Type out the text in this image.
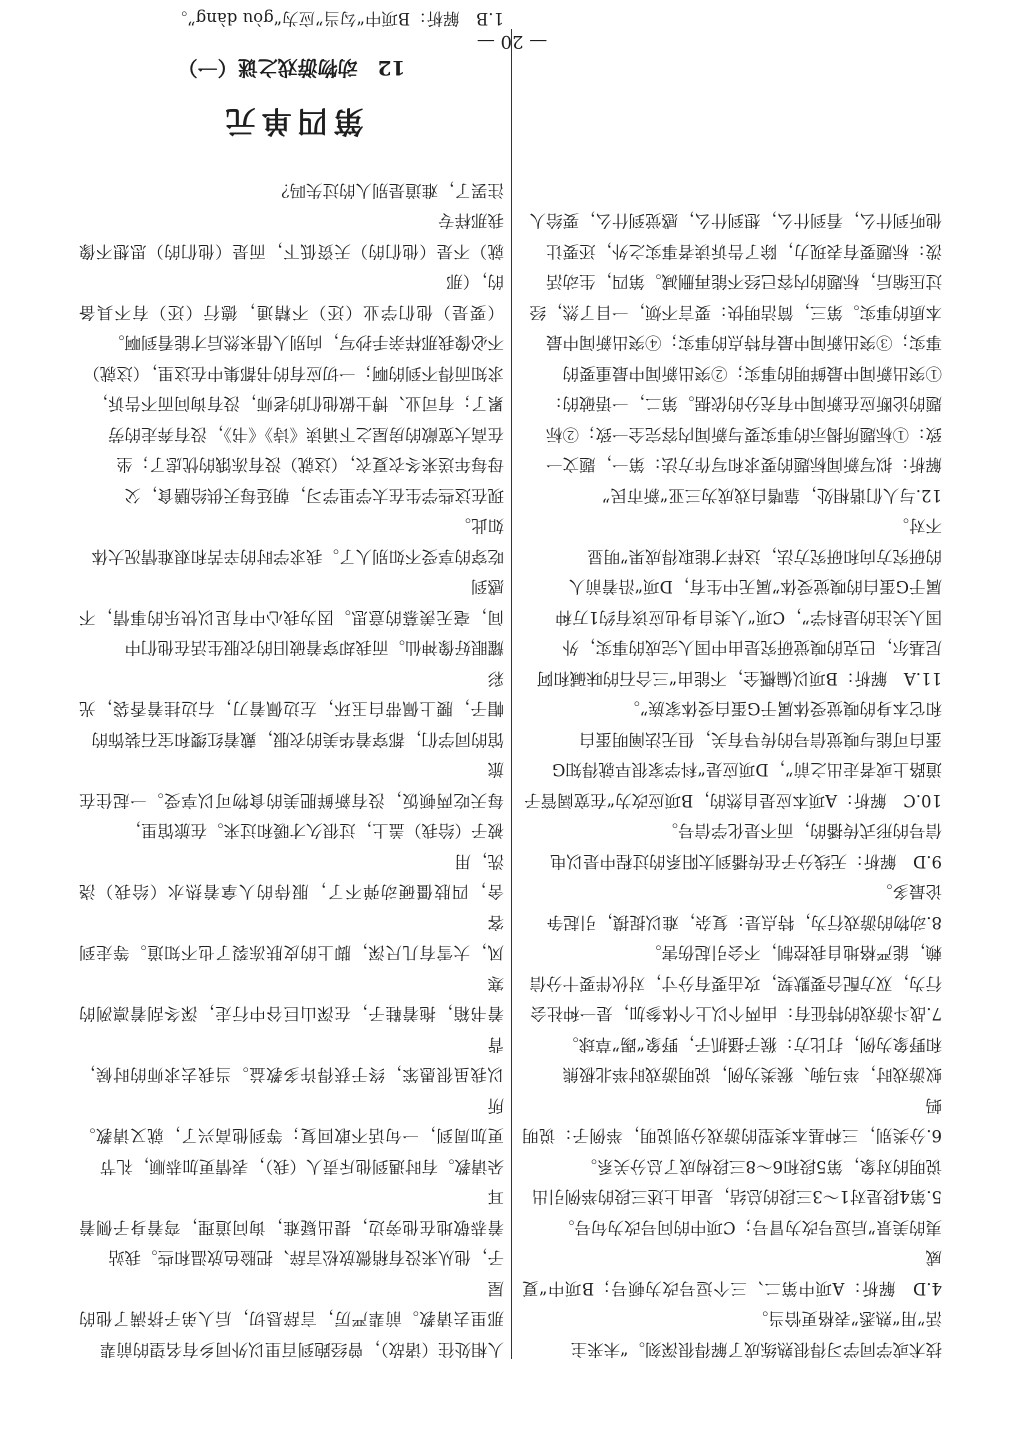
技术或学同学习得很熟练成了解得很深刻。“未来主

活”用“熟悉”表格更恰当。

4.D　解析：A项中第二、三个逗号改为顿号；B项中“夏威

夷的美景”后逗号改为冒号；C项中的问号改为句号。

5.第4段是对1～3三段的总结，是由上述三段的举例引出

说明的对象，第5段和6～8三段构成了总分关系。

6.分类别，三种基本类型的游戏分别说明，举例子：说明蚂

蚁游戏时，举马驹、猴类为例，说明游戏时举北极熊

和野象为例，打比方：猴子搔抓子，野象“踢”草球。

7.战斗游戏的特征有：由两个以上个体参加，是一种社会

行为，双方配合要默契，攻击要有分寸，对伙伴要十分信

赖，能严格地自我控制，不会引起伤害。

8.动物的游戏行为，特点是：复杂，难以捉摸，引起争

论最多。

9.D　解析：无线分子在传播到太阳系的过程中是以电

信号的形式传播的，而不是化学信号。

10.C　解析：A项本应是自然的，B项应改为“在宽阔管子

道路上或者走出之前”，D项应是“科学家很早就得知G

蛋白可能与嗅觉信号的传导有关，但无法阐明蛋白

和它本身的嗅觉受体属于G蛋白受体家族”。

11.A　解析：B项以偏概全，不能由“三合石的味碱和阿

尼基尔，巴克的嗅觉研究是由中国人完成的事实，外

国人关注的是科学”，C项“人类自身也应该有约1万种

属于G蛋白的嗅觉受体”属无中生有，D项“沿着前人

的研究方向和研究方法，这样才能取得成果”明显

不对。

12.与人们谐相处，靠嗜白戏成为三亚“新市民”

解析：拟写新闻标题的要求和写作方法：第一，题文一

致：①标题所揭示的事实要与新闻内容完全一致；②标

题的论断应在新闻中有充分的依据。第二，一语破的：

①突出新闻中最鲜明的事实；②突出新闻中最重要的

事实；③突出新闻中最有特点的事实；④突出新闻中最

本质的事实。第三，简洁明快：要言不烦，一目了然，经

过压缩后，标题的内容已经不能再删减。第四，生动活

泼：标题要有表现力，除了告诉读者事实之外，还要让

他听到什么，看到什么，想到什么，感觉到什么，要给人

人相处往（诸故），曾经跑到百里以外同乡有名望的前辈

那里去请教。前辈严厉，言辞恳切，后人弟子挤满了他的屋

子，他从来没有稍微放松言辞、把脸色放温和些。我站

着恭敬地在他旁边，提出疑难，询问道理，弯着身子侧着耳

朵请教。有时遇到他斥责人（我），表情更加恭顺，礼节

更加周到，一句话不敢回复；等到他高兴了，就又请教。所

以我虽很愚笨，终于获得许多教益。当我去求师的时候，背

着书箱，拖着鞋子，在深山巨谷中行走，深冬刮着凛冽的寒

风，大雪有几尺深，脚上的皮肤冻裂了也不知道。等走到客

舍，四肢僵硬动弹不了，服侍的人拿着热水（给我）浇洗，用

被子（给我）盖上，过很久才暖和过来。在旅馆里，

每天吃两顿饭，没有新鲜肥美的食物可以享受。一起住在旅

馆的同学们，都穿着华美的衣服，戴着红缨和宝石装饰的

帽子，腰上佩带白玉环，左边佩着刀，右边挂着香袋，光彩

耀眼好像神仙。而我却穿着破旧的衣服生活在他们中

间，毫无羡慕的意思。因为我心中有足以快乐的事情，不感到

吃穿的享受不如别人了。我求学时的辛苦和艰难情况大体

如此。

现在这些学生在太学里学习，朝廷每天供给膳食，父

母每年送来冬衣夏衣，（这就）没有冻饿的忧虑了；坐

在高大宽敞的房屋之下诵读《诗》《书》，没有奔走的劳

累了；有司业、博士做他们的老师，没有询问而不告诉，

求知而得不到的啊；一切应有的书都集中在这里，（这就）

不必像我那样亲手抄写，向别人借来然后才能看到啊。

（要是）他们学业（还）不精通，德行（还）有不具备的，（那

就）不是（他们的）天资低下，而是（他们的）思想不像我那样专

注罢了，难道是别人的过失吗？

第四单元
12　动物游戏之谜（一）

1.B　解析：B项中“勾当”应为“gòu dàng”。

— 20 —
